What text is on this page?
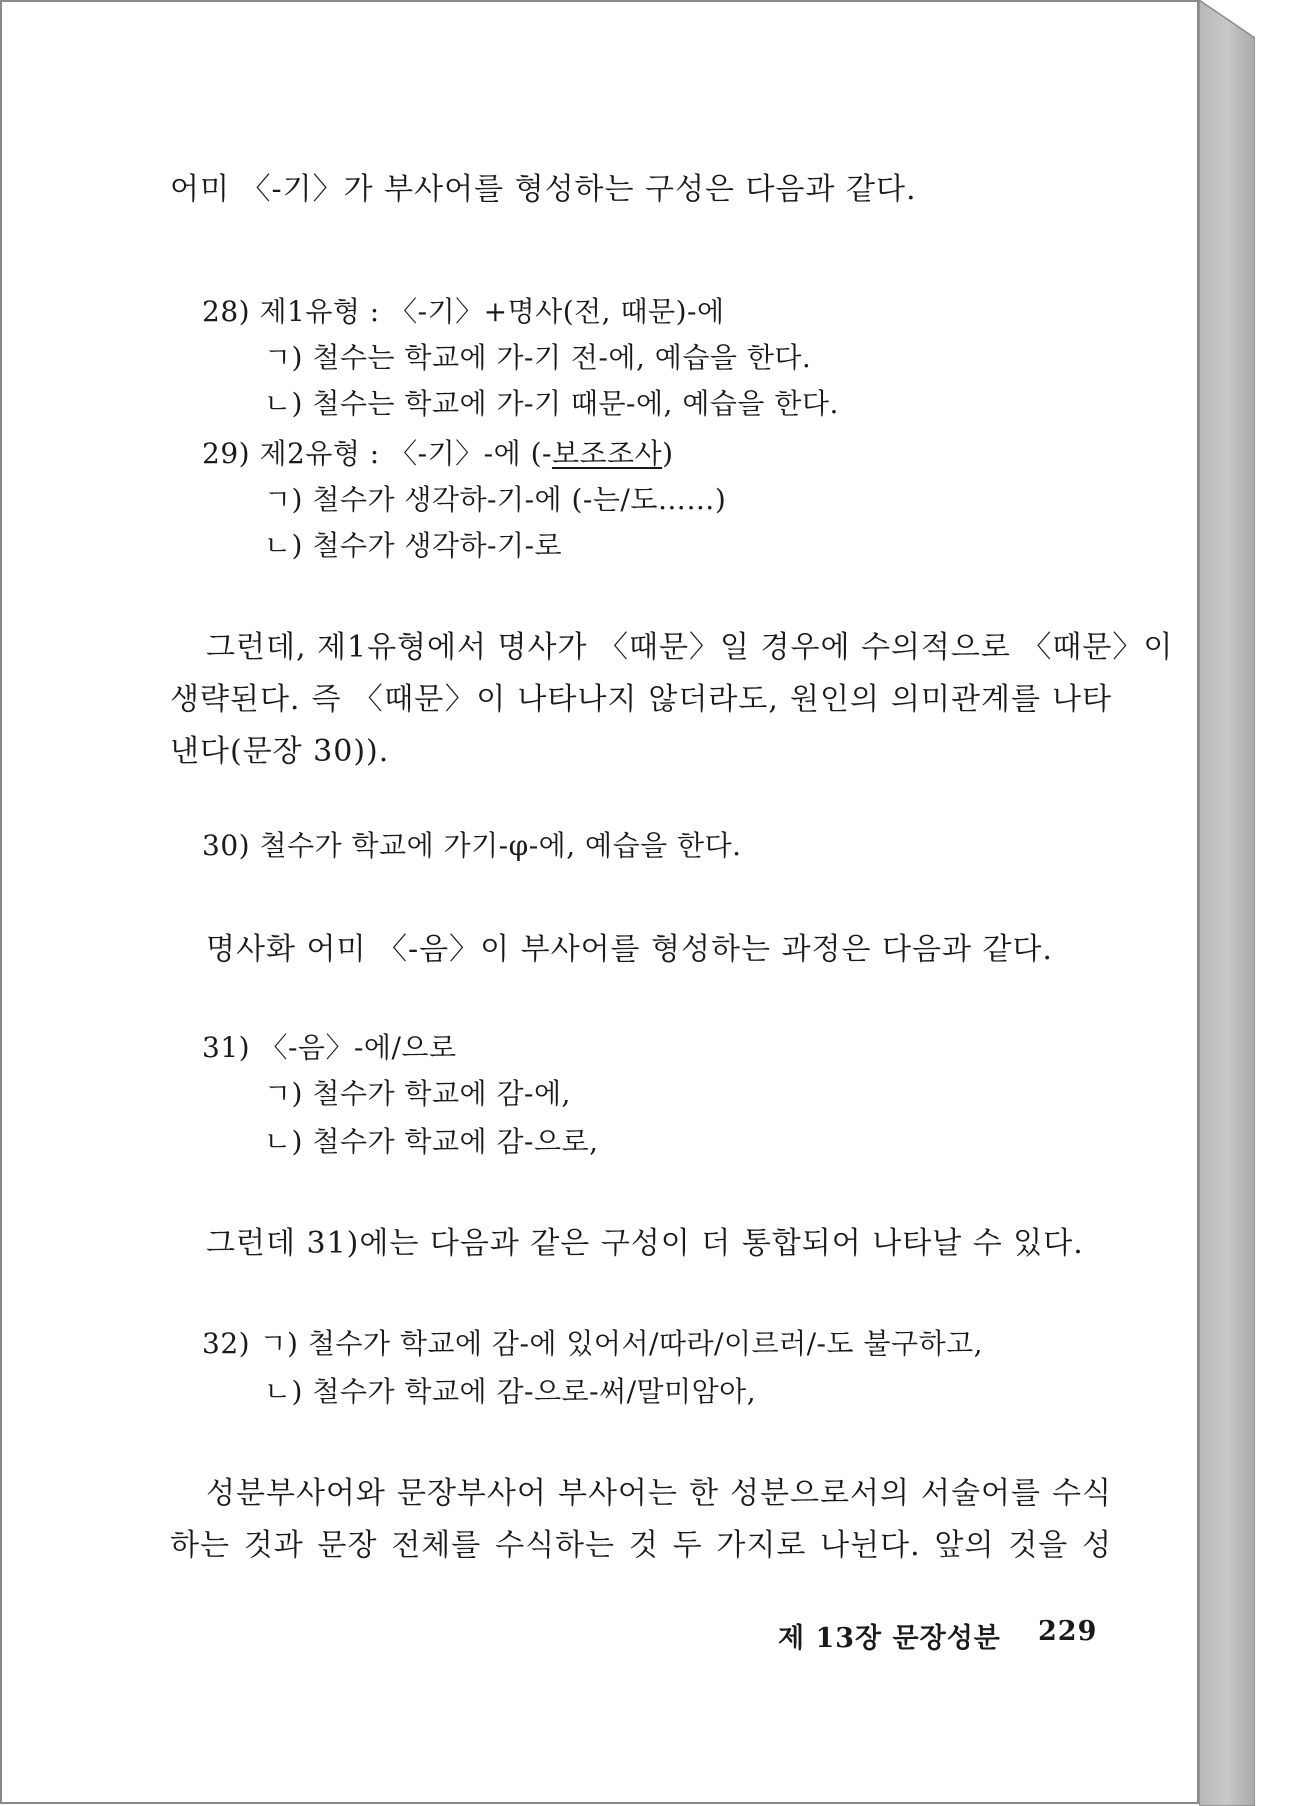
어미 〈-기〉가 부사어를 형성하는 구성은 다음과 같다.
28) 제1유형 : 〈-기〉+명사(전, 때문)-에
ㄱ) 철수는 학교에 가-기 전-에, 예습을 한다.
ㄴ) 철수는 학교에 가-기 때문-에, 예습을 한다.
29) 제2유형 : 〈-기〉-에 (-보조조사)
ㄱ) 철수가 생각하-기-에 (-는/도……)
ㄴ) 철수가 생각하-기-로
그런데, 제1유형에서 명사가 〈때문〉일 경우에 수의적으로 〈때문〉이
생략된다. 즉 〈때문〉이 나타나지 않더라도, 원인의 의미관계를 나타
낸다(문장 30)).
30) 철수가 학교에 가기-φ-에, 예습을 한다.
명사화 어미 〈-음〉이 부사어를 형성하는 과정은 다음과 같다.
31) 〈-음〉-에/으로
ㄱ) 철수가 학교에 감-에,
ㄴ) 철수가 학교에 감-으로,
그런데 31)에는 다음과 같은 구성이 더 통합되어 나타날 수 있다.
32) ㄱ) 철수가 학교에 감-에 있어서/따라/이르러/-도 불구하고,
ㄴ) 철수가 학교에 감-으로-써/말미암아,
성분부사어와 문장부사어 부사어는 한 성분으로서의 서술어를 수식
하는 것과 문장 전체를 수식하는 것 두 가지로 나뉜다. 앞의 것을 성
제 13장 문장성분 229
